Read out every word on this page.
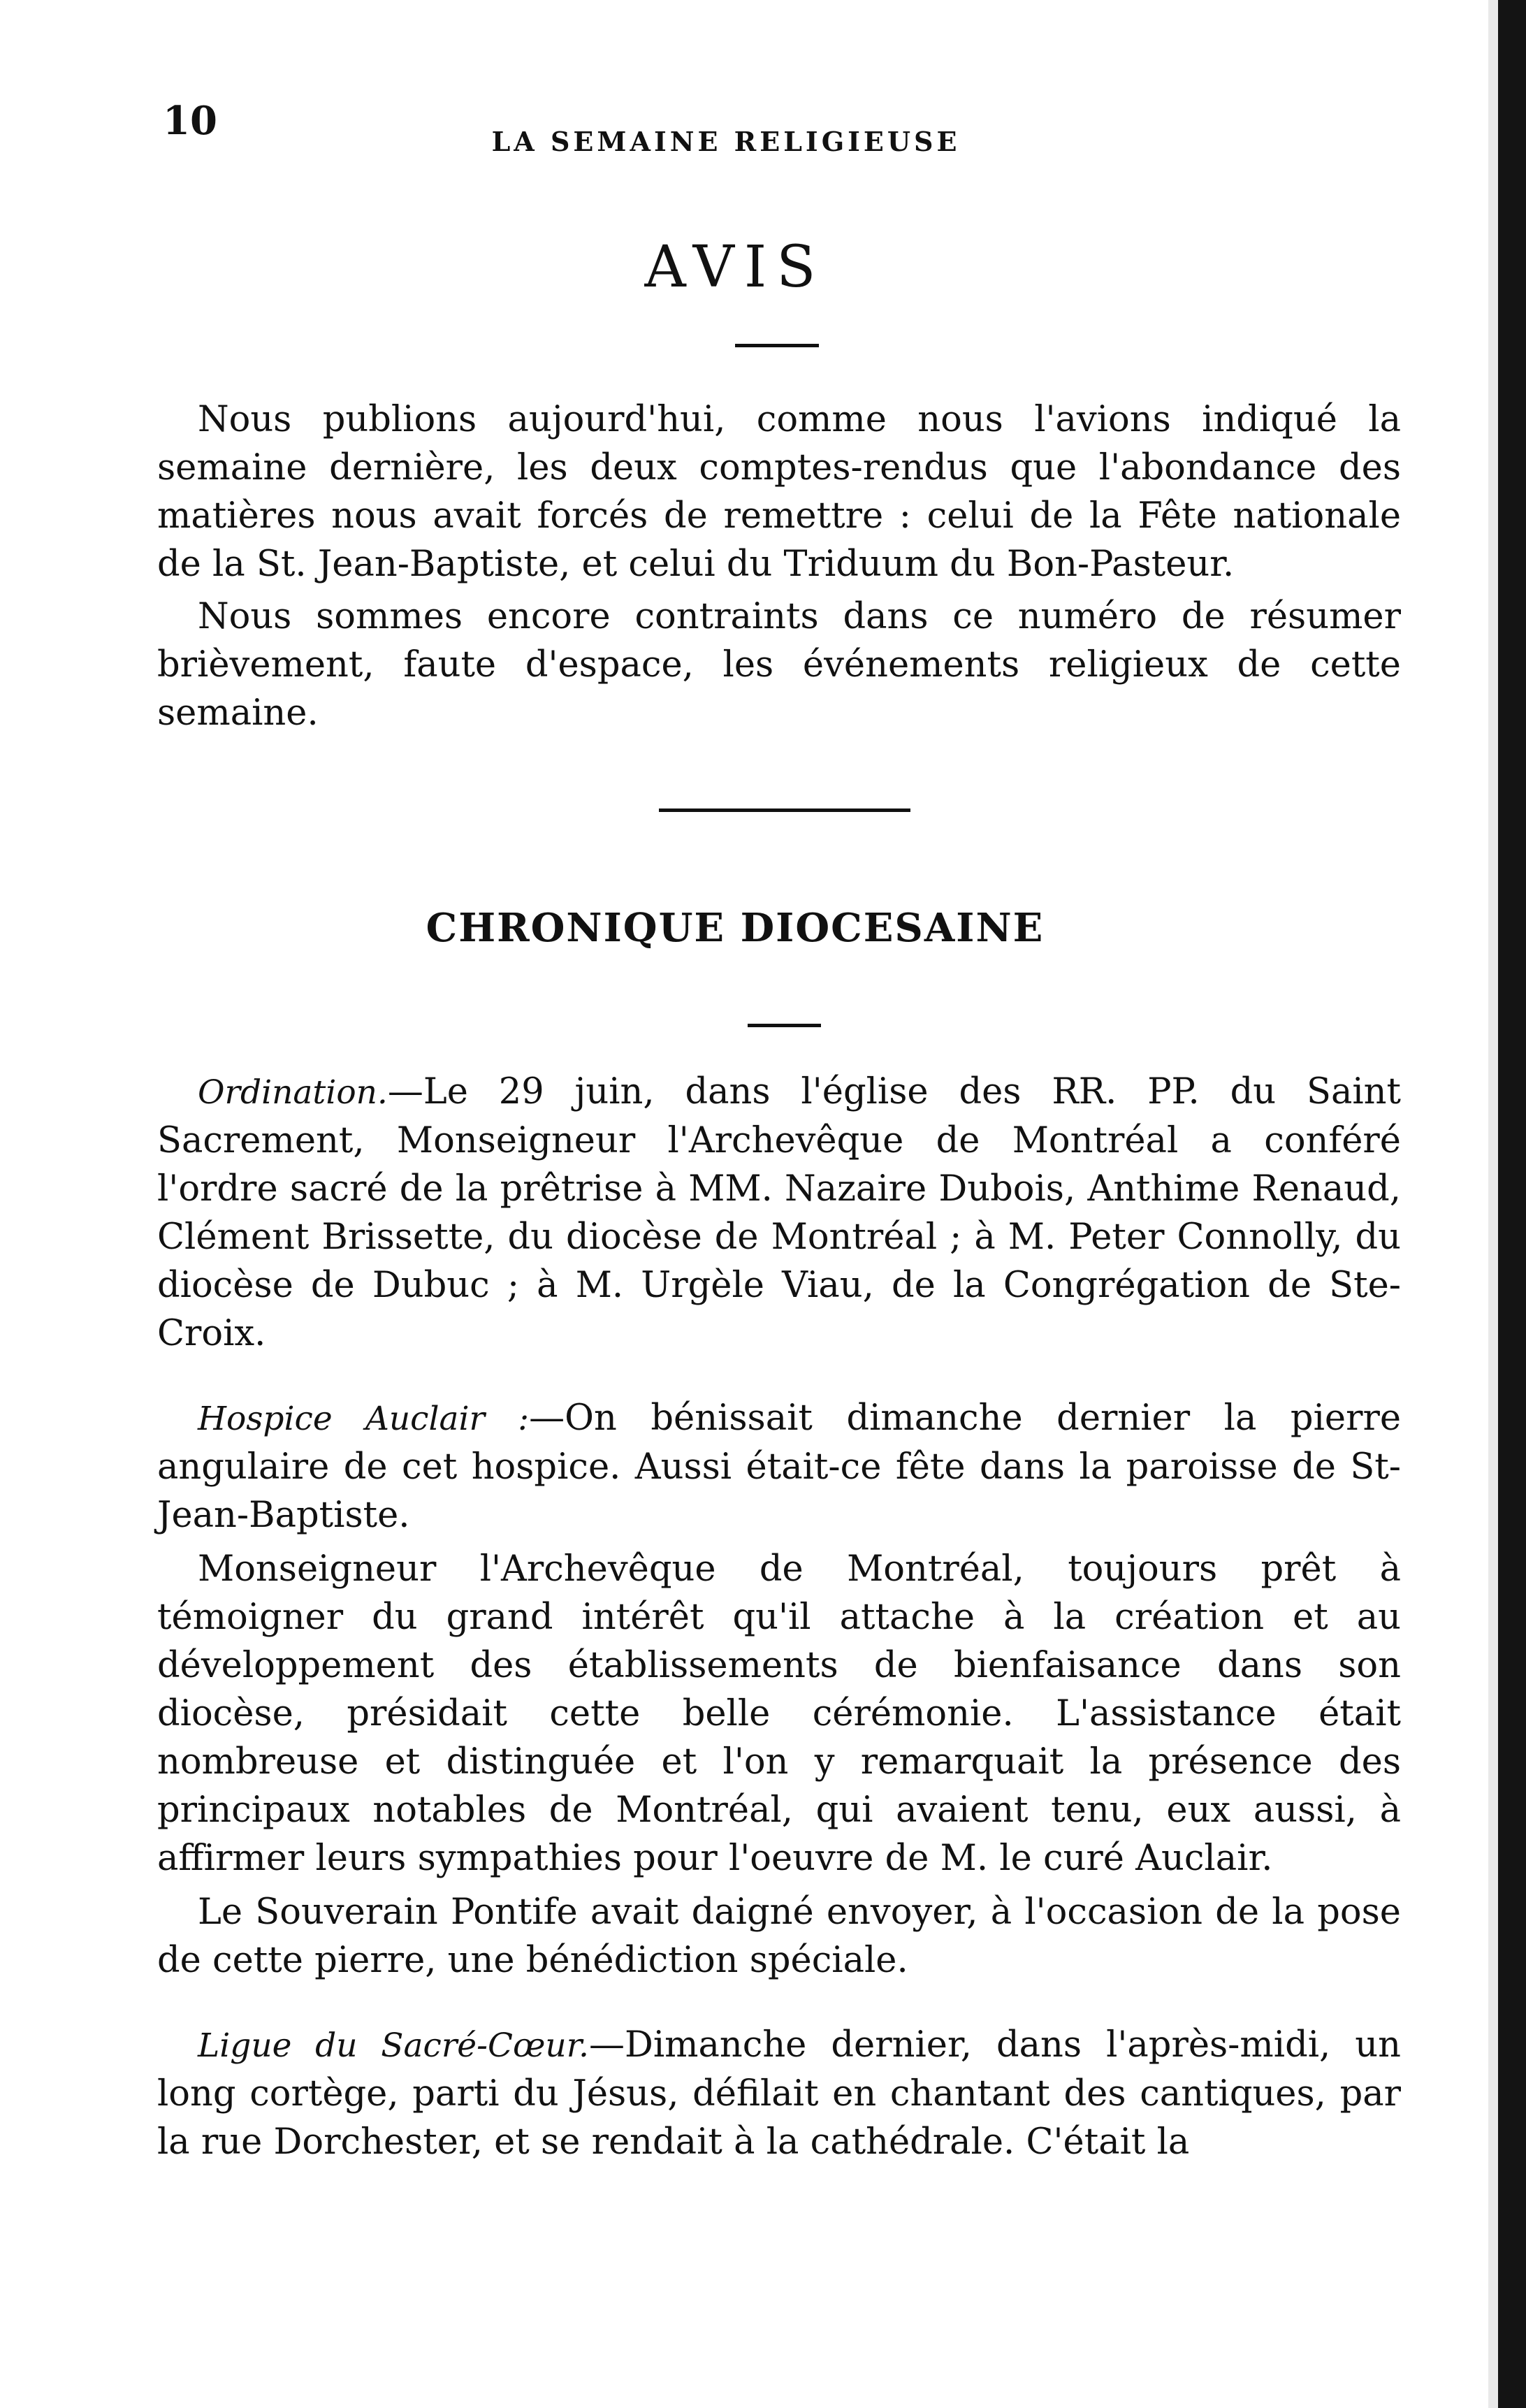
10	LA SEMAINE RELIGIEUSE
AVIS

Nous publions aujourd'hui, comme nous l'avions indiqué la semaine dernière, les deux comptes-rendus que l'abondance des matières nous avait forcés de remettre : celui de la Fête nationale de la St. Jean-Baptiste, et celui du Triduum du Bon-Pasteur.

Nous sommes encore contraints dans ce numéro de résumer brièvement, faute d'espace, les événements religieux de cette semaine.

CHRONIQUE DIOCESAINE

Ordination.—Le 29 juin, dans l'église des RR. PP. du Saint Sacrement, Monseigneur l'Archevêque de Montréal a conféré l'ordre sacré de la prêtrise à MM. Nazaire Dubois, Anthime Renaud, Clément Brissette, du diocèse de Montréal ; à M. Peter Connolly, du diocèse de Dubuc ; à M. Urgèle Viau, de la Congrégation de Ste-Croix.

Hospice Auclair :—On bénissait dimanche dernier la pierre angulaire de cet hospice. Aussi était-ce fête dans la paroisse de St-Jean-Baptiste.

Monseigneur l'Archevêque de Montréal, toujours prêt à témoigner du grand intérêt qu'il attache à la création et au développement des établissements de bienfaisance dans son diocèse, présidait cette belle cérémonie. L'assistance était nombreuse et distinguée et l'on y remarquait la présence des principaux notables de Montréal, qui avaient tenu, eux aussi, à affirmer leurs sympathies pour l'oeuvre de M. le curé Auclair.

Le Souverain Pontife avait daigné envoyer, à l'occasion de la pose de cette pierre, une bénédiction spéciale.

Ligue du Sacré-Cœur.—Dimanche dernier, dans l'après-midi, un long cortège, parti du Jésus, défilait en chantant des cantiques, par la rue Dorchester, et se rendait à la cathédrale. C'était la
